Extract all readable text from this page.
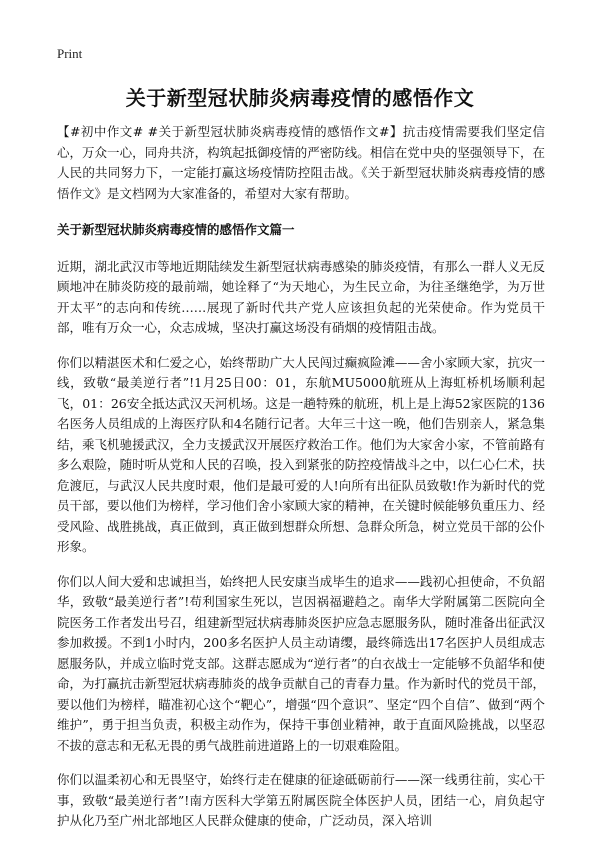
Print
关于新型冠状肺炎病毒疫情的感悟作文

【#初中作文# #关于新型冠状肺炎病毒疫情的感悟作文#】抗击疫情需要我们坚定信心，万众一心，同舟共济，构筑起抵御疫情的严密防线。相信在党中央的坚强领导下，在人民的共同努力下，一定能打赢这场疫情防控阻击战。《关于新型冠状肺炎病毒疫情的感悟作文》是文档网为大家准备的，希望对大家有帮助。

关于新型冠状肺炎病毒疫情的感悟作文篇一

近期，湖北武汉市等地近期陆续发生新型冠状病毒感染的肺炎疫情，有那么一群人义无反顾地冲在肺炎防疫的最前端，她诠释了“为天地心，为生民立命，为往圣继绝学，为万世开太平”的志向和传统……展现了新时代共产党人应该担负起的光荣使命。作为党员干部，唯有万众一心，众志成城，坚决打赢这场没有硝烟的疫情阻击战。

你们以精湛医术和仁爱之心，始终帮助广大人民闯过癫疯险滩——舍小家顾大家，抗灾一线，致敬“最美逆行者”!1月25日00：01，东航MU5000航班从上海虹桥机场顺利起飞，01：26安全抵达武汉天河机场。这是一趟特殊的航班，机上是上海52家医院的136名医务人员组成的上海医疗队和4名随行记者。大年三十这一晚，他们告别亲人，紧急集结，乘飞机驰援武汉，全力支援武汉开展医疗救治工作。他们为大家舍小家，不管前路有多么艰险，随时听从党和人民的召唤，投入到紧张的防控疫情战斗之中，以仁心仁术，扶危渡厄，与武汉人民共度时艰，他们是最可爱的人!向所有出征队员致敬!作为新时代的党员干部，要以他们为榜样，学习他们舍小家顾大家的精神，在关键时候能够负重压力、经受风险、战胜挑战，真正做到，真正做到想群众所想、急群众所急，树立党员干部的公仆形象。

你们以人间大爱和忠诚担当，始终把人民安康当成毕生的追求——践初心担使命，不负韶华，致敬“最美逆行者”!苟利国家生死以，岂因祸福避趋之。南华大学附属第二医院向全院医务工作者发出号召，组建新型冠状病毒肺炎医护应急志愿服务队，随时准备出征武汉参加救援。不到1小时内，200多名医护人员主动请缨，最终筛选出17名医护人员组成志愿服务队，并成立临时党支部。这群志愿成为“逆行者”的白衣战士一定能够不负韶华和使命，为打赢抗击新型冠状病毒肺炎的战争贡献自己的青春力量。作为新时代的党员干部，要以他们为榜样，瞄准初心这个“靶心”，增强“四个意识”、坚定“四个自信”、做到“两个维护”，勇于担当负责，积极主动作为，保持干事创业精神，敢于直面风险挑战，以坚忍不拔的意志和无私无畏的勇气战胜前进道路上的一切艰难险阻。

你们以温柔初心和无畏坚守，始终行走在健康的征途砥砺前行——深一线勇往前，实心干事，致敬“最美逆行者”!南方医科大学第五附属医院全体医护人员，团结一心，肩负起守护从化乃至广州北部地区人民群众健康的使命，广泛动员，深入培训
